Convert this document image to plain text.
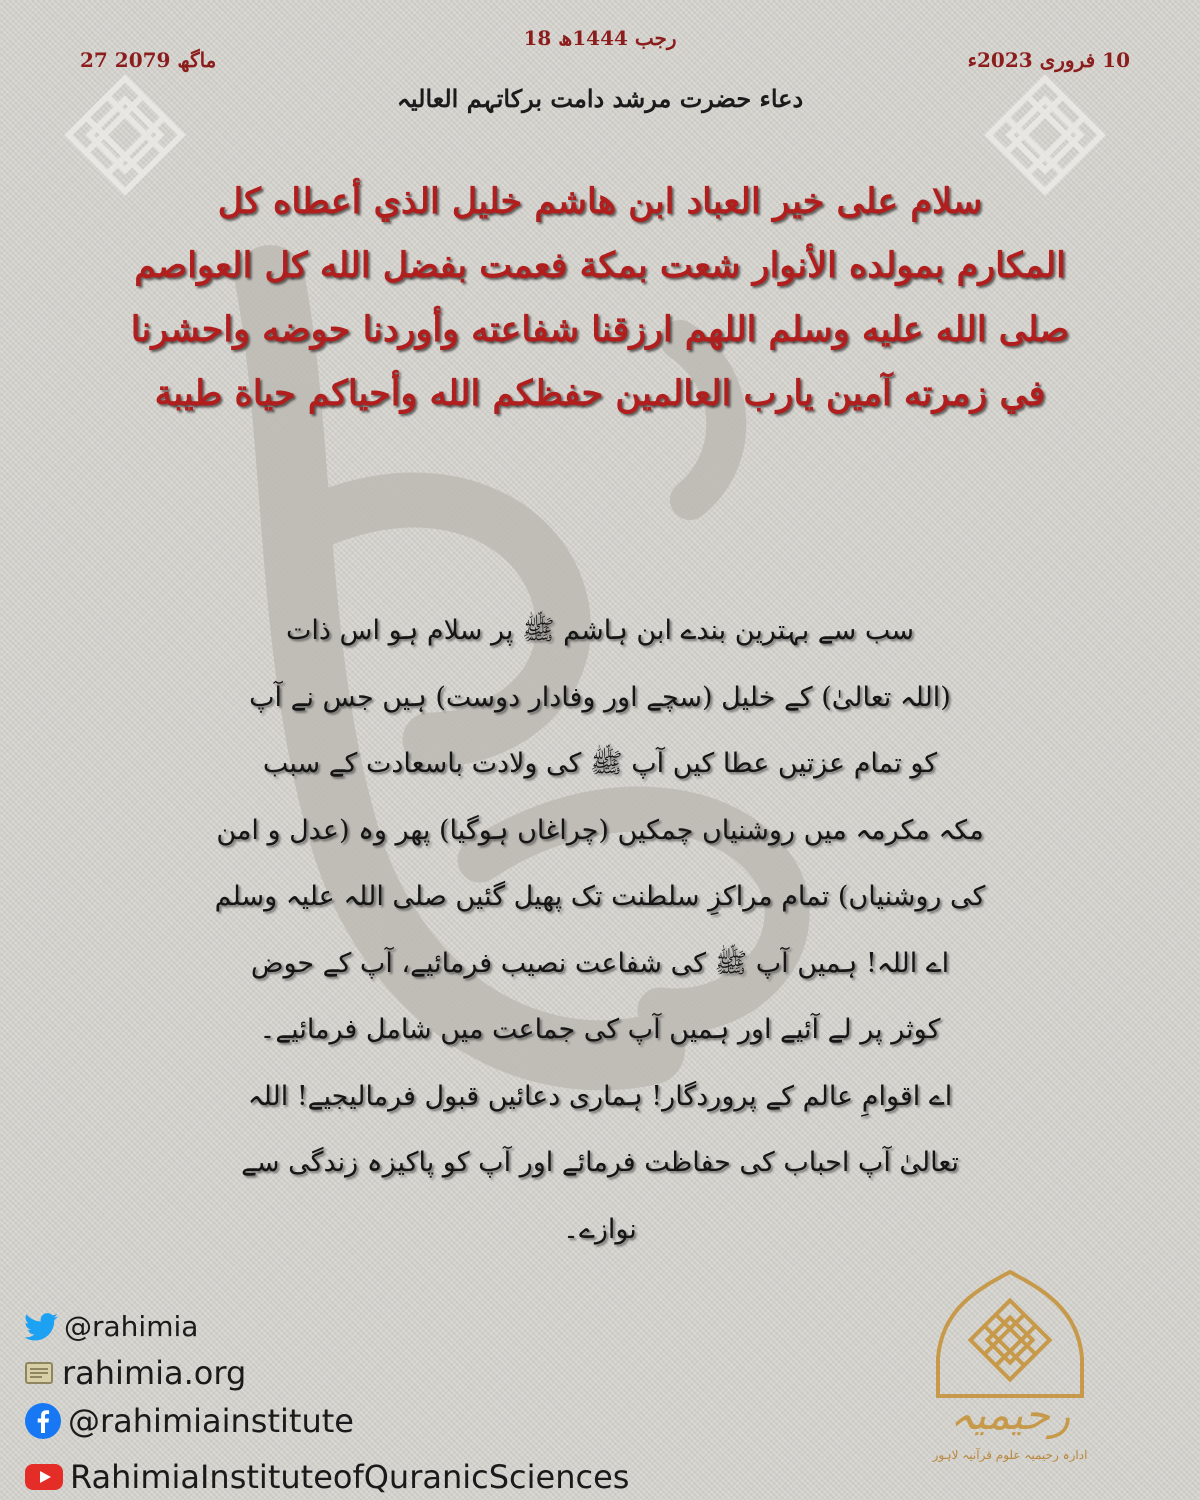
18 رجب 1444ھ
27 ماگھ 2079	10 فروری 2023ء
دعاء حضرت مرشد دامت برکاتہم العالیہ
سلام على خير العباد ابن هاشم خليل الذي أعطاه كل
المكارم بمولده الأنوار شعت بمكة فعمت بفضل الله كل العواصم
صلى الله عليه وسلم اللهم ارزقنا شفاعته وأوردنا حوضه واحشرنا
في زمرته آمين يارب العالمين حفظكم الله وأحياكم حياة طيبة
سب سے بہترین بندے ابن ہاشم ﷺ پر سلام ہو اس ذات
(اللہ تعالیٰ) کے خلیل (سچے اور وفادار دوست) ہیں جس نے آپ
کو تمام عزتیں عطا کیں آپ ﷺ کی ولادت باسعادت کے سبب
مکہ مکرمہ میں روشنیاں چمکیں (چراغاں ہوگیا) پھر وہ (عدل و امن
کی روشنیاں) تمام مراکزِ سلطنت تک پھیل گئیں صلی اللہ علیہ وسلم
اے اللہ! ہمیں آپ ﷺ کی شفاعت نصیب فرمائیے، آپ کے حوض
کوثر پر لے آئیے اور ہمیں آپ کی جماعت میں شامل فرمائیے۔
اے اقوامِ عالم کے پروردگار! ہماری دعائیں قبول فرمالیجیے! اللہ
تعالیٰ آپ احباب کی حفاظت فرمائے اور آپ کو پاکیزہ زندگی سے
نوازے۔
@rahimia
rahimia.org
@rahimiainstitute
RahimiaInstituteofQuranicSciences
رحیمیہ
ادارہ رحیمیہ علوم قرآنیہ لاہور
